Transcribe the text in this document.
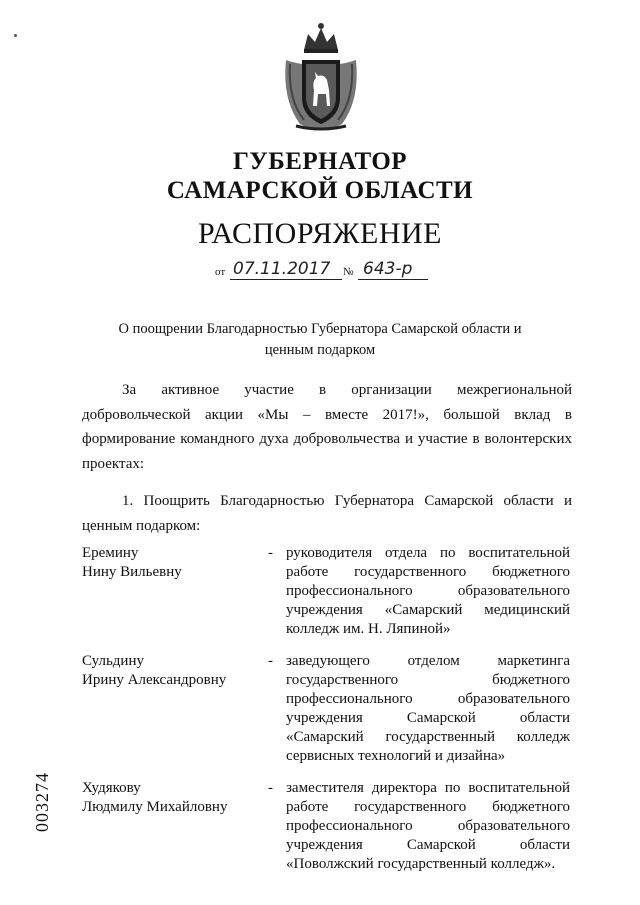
ГУБЕРНАТОР
САМАРСКОЙ ОБЛАСТИ
РАСПОРЯЖЕНИЕ
от 07.11.2017 № 643-р
О поощрении Благодарностью Губернатора Самарской области и ценным подарком
За активное участие в организации межрегиональной добровольческой акции «Мы – вместе 2017!», большой вклад в формирование командного духа добровольчества и участие в волонтерских проектах:
1. Поощрить Благодарностью Губернатора Самарской области и ценным подарком:
Еремину
Нину Вильевну
- руководителя отдела по воспитательной работе государственного бюджетного профессионального образовательного учреждения «Самарский медицинский колледж им. Н. Ляпиной»
Сульдину
Ирину Александровну
- заведующего отделом маркетинга государственного бюджетного профессионального образовательного учреждения Самарской области «Самарский государственный колледж сервисных технологий и дизайна»
Худякову
Людмилу Михайловну
- заместителя директора по воспитательной работе государственного бюджетного профессионального образовательного учреждения Самарской области «Поволжский государственный колледж».
003274
